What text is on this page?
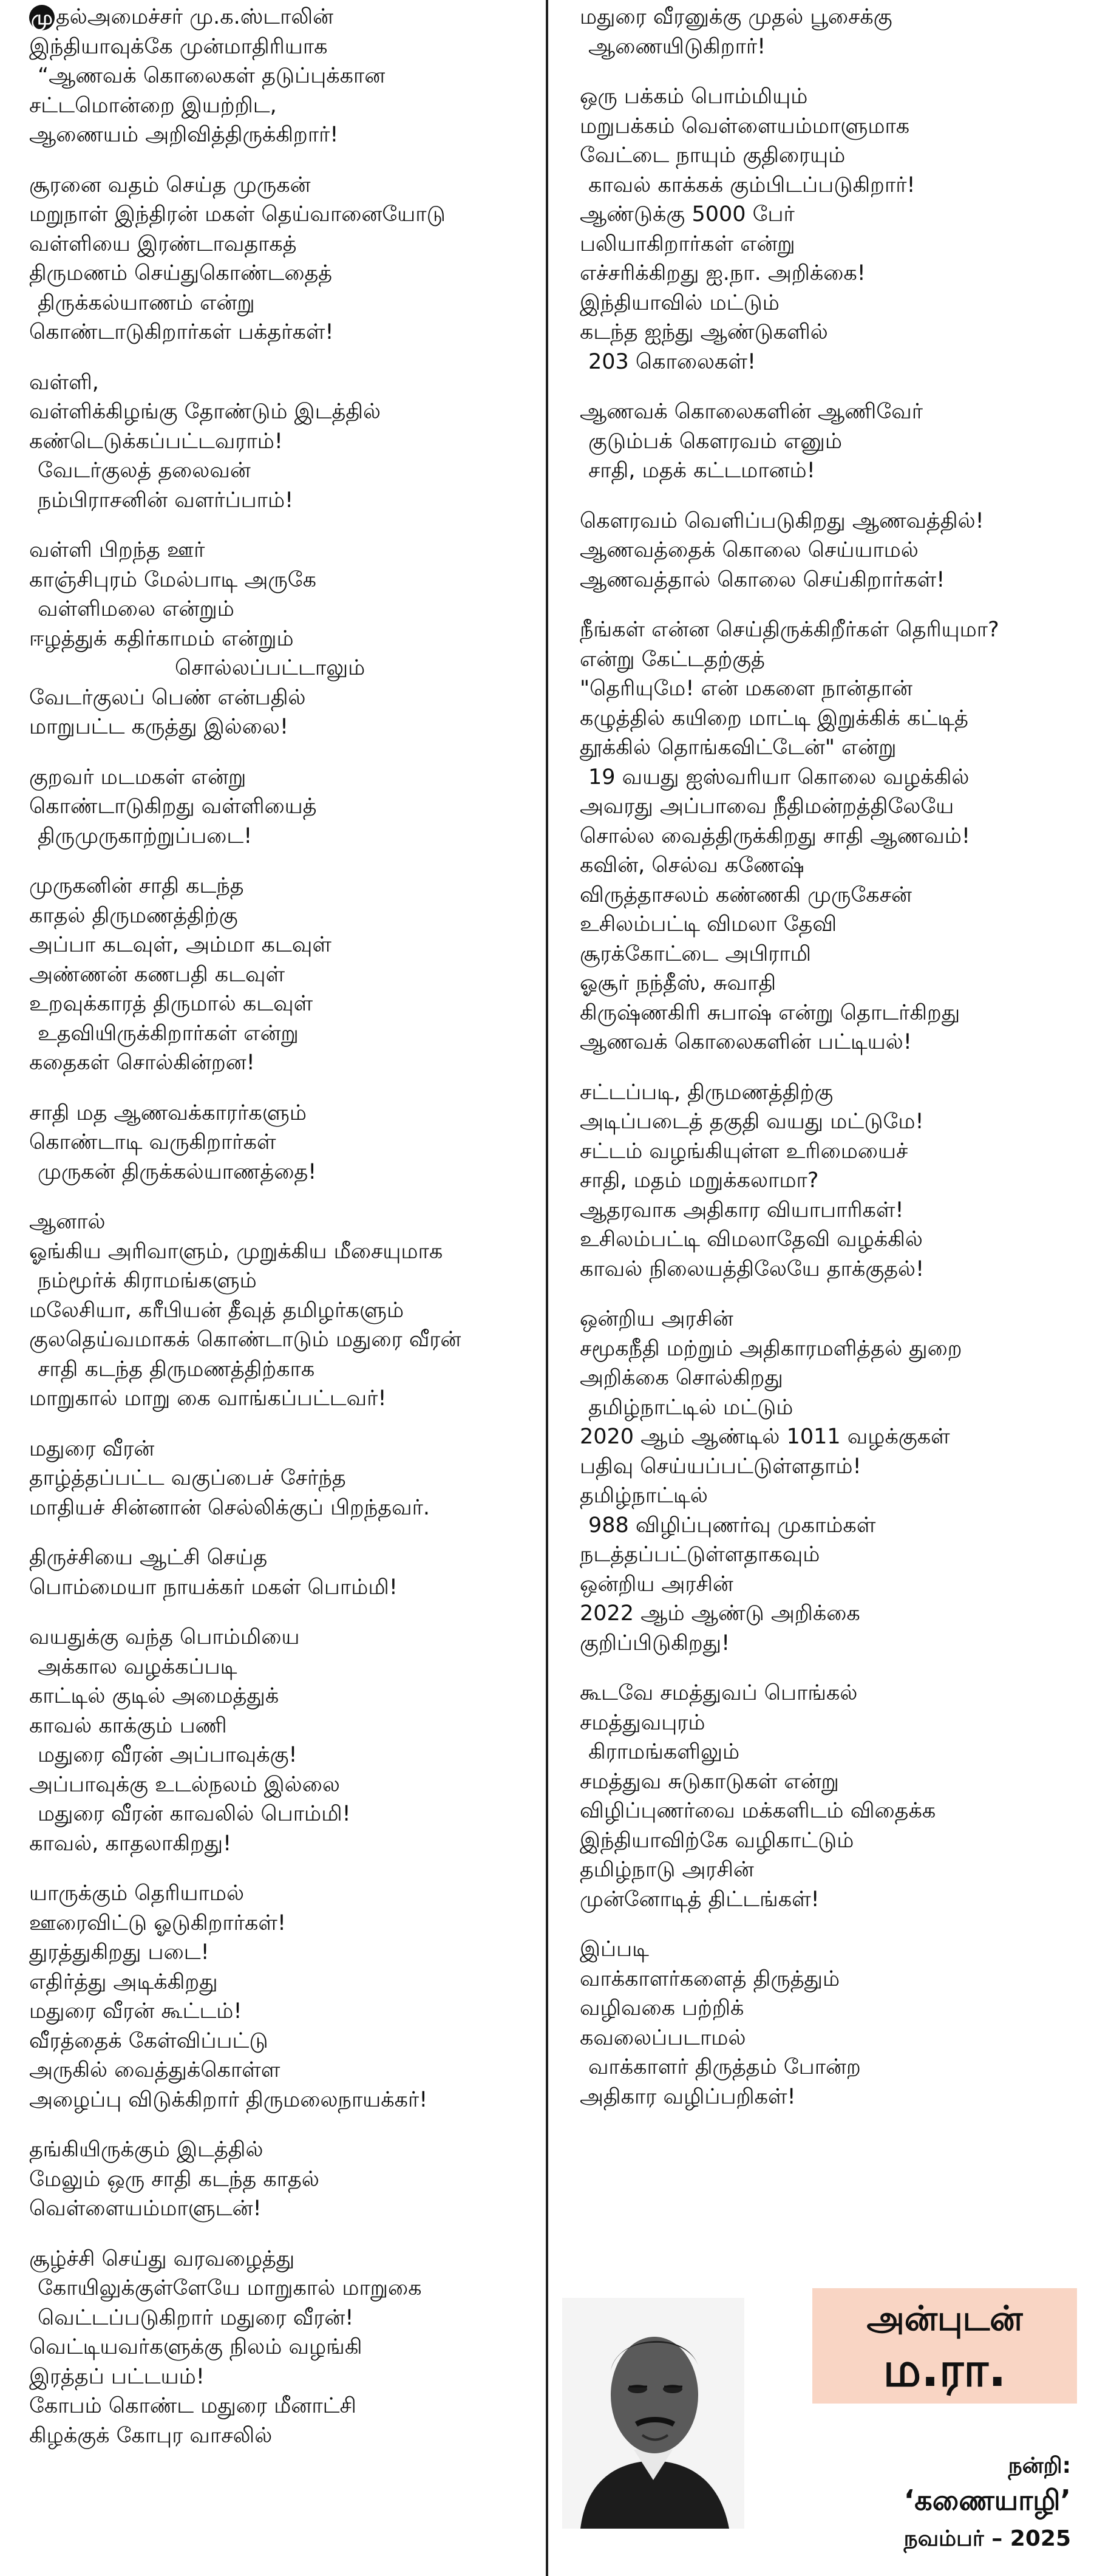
மு தல்அமைச்சர் மு.க.ஸ்டாலின்
இந்தியாவுக்கே முன்மாதிரியாக
“ஆணவக் கொலைகள் தடுப்புக்கான
சட்டமொன்றை இயற்றிட,
ஆணையம் அறிவித்திருக்கிறார்!
சூரனை வதம் செய்த முருகன்
மறுநாள் இந்திரன் மகள் தெய்வானையோடு
வள்ளியை இரண்டாவதாகத்
திருமணம் செய்துகொண்டதைத்
திருக்கல்யாணம் என்று
கொண்டாடுகிறார்கள் பக்தர்கள்!
வள்ளி,
வள்ளிக்கிழங்கு தோண்டும் இடத்தில்
கண்டெடுக்கப்பட்டவராம்!
வேடர்குலத் தலைவன்
நம்பிராசனின் வளர்ப்பாம்!
வள்ளி பிறந்த ஊர்
காஞ்சிபுரம் மேல்பாடி அருகே
வள்ளிமலை என்றும்
ஈழத்துக் கதிர்காமம் என்றும்
சொல்லப்பட்டாலும்
வேடர்குலப் பெண் என்பதில்
மாறுபட்ட கருத்து இல்லை!
குறவர் மடமகள் என்று
கொண்டாடுகிறது வள்ளியைத்
திருமுருகாற்றுப்படை!
முருகனின் சாதி கடந்த
காதல் திருமணத்திற்கு
அப்பா கடவுள், அம்மா கடவுள்
அண்ணன் கணபதி கடவுள்
உறவுக்காரத் திருமால் கடவுள்
உதவியிருக்கிறார்கள் என்று
கதைகள் சொல்கின்றன!
சாதி மத ஆணவக்காரர்களும்
கொண்டாடி வருகிறார்கள்
முருகன் திருக்கல்யாணத்தை!
ஆனால்
ஓங்கிய அரிவாளும், முறுக்கிய மீசையுமாக
நம்மூர்க் கிராமங்களும்
மலேசியா, கரீபியன் தீவுத் தமிழர்களும்
குலதெய்வமாகக் கொண்டாடும் மதுரை வீரன்
சாதி கடந்த திருமணத்திற்காக
மாறுகால் மாறு கை வாங்கப்பட்டவர்!
மதுரை வீரன்
தாழ்த்தப்பட்ட வகுப்பைச் சேர்ந்த
மாதியச் சின்னான் செல்லிக்குப் பிறந்தவர்.
திருச்சியை ஆட்சி செய்த
பொம்மையா நாயக்கர் மகள் பொம்மி!
வயதுக்கு வந்த பொம்மியை
அக்கால வழக்கப்படி
காட்டில் குடில் அமைத்துக்
காவல் காக்கும் பணி
மதுரை வீரன் அப்பாவுக்கு!
அப்பாவுக்கு உடல்நலம் இல்லை
மதுரை வீரன் காவலில் பொம்மி!
காவல், காதலாகிறது!
யாருக்கும் தெரியாமல்
ஊரைவிட்டு ஓடுகிறார்கள்!
துரத்துகிறது படை!
எதிர்த்து அடிக்கிறது
மதுரை வீரன் கூட்டம்!
வீரத்தைக் கேள்விப்பட்டு
அருகில் வைத்துக்கொள்ள
அழைப்பு விடுக்கிறார் திருமலைநாயக்கர்!
தங்கியிருக்கும் இடத்தில்
மேலும் ஒரு சாதி கடந்த காதல்
வெள்ளையம்மாளுடன்!
சூழ்ச்சி செய்து வரவழைத்து
கோயிலுக்குள்ளேயே மாறுகால் மாறுகை
வெட்டப்படுகிறார் மதுரை வீரன்!
வெட்டியவர்களுக்கு நிலம் வழங்கி
இரத்தப் பட்டயம்!
கோபம் கொண்ட மதுரை மீனாட்சி
கிழக்குக் கோபுர வாசலில்
மதுரை வீரனுக்கு முதல் பூசைக்கு
ஆணையிடுகிறார்!
ஒரு பக்கம் பொம்மியும்
மறுபக்கம் வெள்ளையம்மாளுமாக
வேட்டை நாயும் குதிரையும்
காவல் காக்கக் கும்பிடப்படுகிறார்!
ஆண்டுக்கு 5000 பேர்
பலியாகிறார்கள் என்று
எச்சரிக்கிறது ஐ.நா. அறிக்கை!
இந்தியாவில் மட்டும்
கடந்த ஐந்து ஆண்டுகளில்
203 கொலைகள்!
ஆணவக் கொலைகளின் ஆணிவேர்
குடும்பக் கௌரவம் எனும்
சாதி, மதக் கட்டமானம்!
கௌரவம் வெளிப்படுகிறது ஆணவத்தில்!
ஆணவத்தைக் கொலை செய்யாமல்
ஆணவத்தால் கொலை செய்கிறார்கள்!
நீங்கள் என்ன செய்திருக்கிறீர்கள் தெரியுமா?
என்று கேட்டதற்குத்
"தெரியுமே! என் மகளை நான்தான்
கழுத்தில் கயிறை மாட்டி இறுக்கிக் கட்டித்
தூக்கில் தொங்கவிட்டேன்" என்று
19 வயது ஐஸ்வரியா கொலை வழக்கில்
அவரது அப்பாவை நீதிமன்றத்திலேயே
சொல்ல வைத்திருக்கிறது சாதி ஆணவம்!
கவின், செல்வ கணேஷ்
விருத்தாசலம் கண்ணகி முருகேசன்
உசிலம்பட்டி விமலா தேவி
சூரக்கோட்டை அபிராமி
ஓசூர் நந்தீஸ், சுவாதி
கிருஷ்ணகிரி சுபாஷ் என்று தொடர்கிறது
ஆணவக் கொலைகளின் பட்டியல்!
சட்டப்படி, திருமணத்திற்கு
அடிப்படைத் தகுதி வயது மட்டுமே!
சட்டம் வழங்கியுள்ள உரிமையைச்
சாதி, மதம் மறுக்கலாமா?
ஆதரவாக அதிகார வியாபாரிகள்!
உசிலம்பட்டி விமலாதேவி வழக்கில்
காவல் நிலையத்திலேயே தாக்குதல்!
ஒன்றிய அரசின்
சமூகநீதி மற்றும் அதிகாரமளித்தல் துறை
அறிக்கை சொல்கிறது
தமிழ்நாட்டில் மட்டும்
2020 ஆம் ஆண்டில் 1011 வழக்குகள்
பதிவு செய்யப்பட்டுள்ளதாம்!
தமிழ்நாட்டில்
988 விழிப்புணர்வு முகாம்கள்
நடத்தப்பட்டுள்ளதாகவும்
ஒன்றிய அரசின்
2022 ஆம் ஆண்டு அறிக்கை
குறிப்பிடுகிறது!
கூடவே சமத்துவப் பொங்கல்
சமத்துவபுரம்
கிராமங்களிலும்
சமத்துவ சுடுகாடுகள் என்று
விழிப்புணர்வை மக்களிடம் விதைக்க
இந்தியாவிற்கே வழிகாட்டும்
தமிழ்நாடு அரசின்
முன்னோடித் திட்டங்கள்!
இப்படி
வாக்காளர்களைத் திருத்தும்
வழிவகை பற்றிக்
கவலைப்படாமல்
வாக்காளர் திருத்தம் போன்ற
அதிகார வழிப்பறிகள்!
அன்புடன்
ம.ரா.
நன்றி:
‘கணையாழி’
நவம்பர் – 2025
